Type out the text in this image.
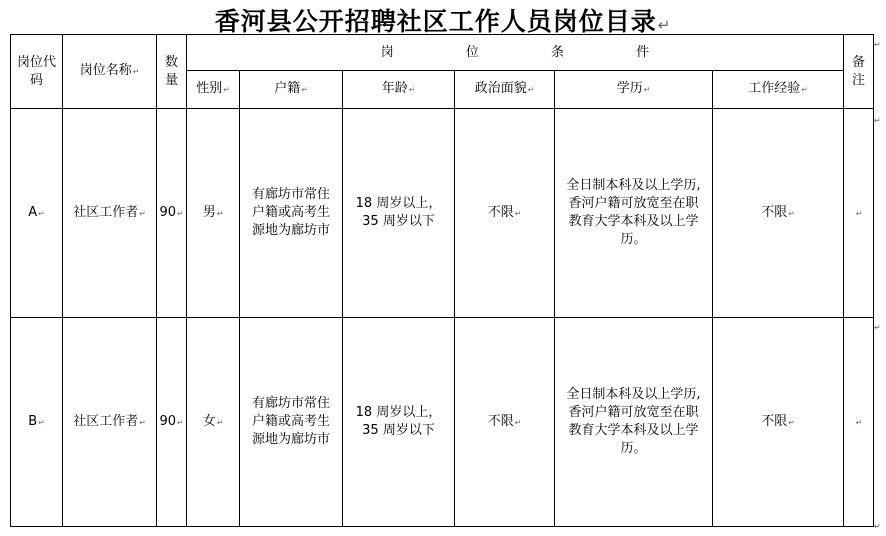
香河县公开招聘社区工作人员岗位目录↵
岗位代码	岗位名称↵	数量	岗 位 条 件						备注

			性别↵	户籍↵	年龄↵	政治面貌↵	学历↵	工作经验↵	
A↵	社区工作者↵	90↵	男↵	有廊坊市常住户籍或高考生源地为廊坊市	18 周岁以上，35 周岁以下	不限↵	全日制本科及以上学历,香河户籍可放宽至在职教育大学本科及以上学历。	不限↵	↵
B↵	社区工作者↵	90↵	女↵	有廊坊市常住户籍或高考生源地为廊坊市	18 周岁以上，35 周岁以下	不限↵	全日制本科及以上学历,香河户籍可放宽至在职教育大学本科及以上学历。	不限↵	↵
↵
↵
↵
↵
